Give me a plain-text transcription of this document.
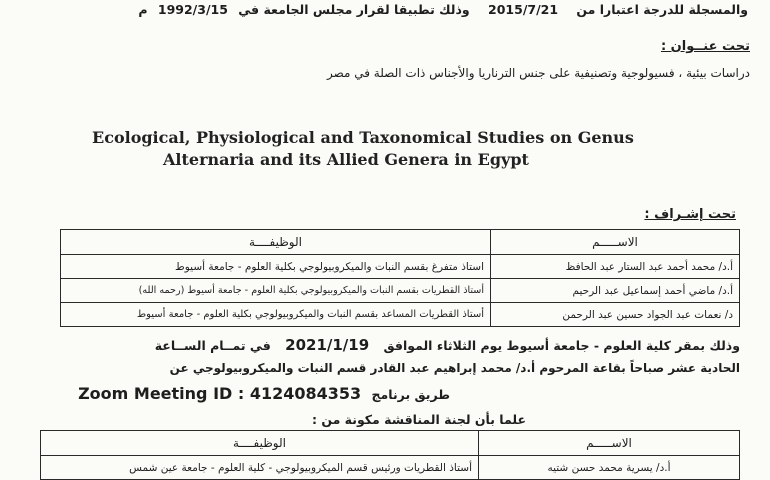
والمسجلة للدرجة اعتبارا من 2015/7/21 وذلك تطبيقا لقرار مجلس الجامعة في 1992/3/15 م
تحت عنــوان :
دراسات بيئية ، فسيولوجية وتصنيفية على جنس الترناريا والأجناس ذات الصلة في مصر
Ecological, Physiological and Taxonomical Studies on Genus
Alternaria and its Allied Genera in Egypt
تحت إشـراف :
الاســـــم	الوظيفــــة
أ.د/ محمد أحمد عبد الستار عبد الحافظ	استاذ متفرغ بقسم النبات والميكروبيولوجي بكلية العلوم - جامعة أسيوط
أ.د/ ماضي أحمد إسماعيل عبد الرحيم	أستاذ القطريات بقسم النبات والميكروبيولوجي بكلية العلوم - جامعة أسيوط (رحمه الله)
د/ نعمات عبد الجواد حسين عبد الرحمن	أستاذ القطريات المساعد بقسم النبات والميكروبيولوجي بكلية العلوم - جامعة أسيوط
وذلك بمقر كلية العلوم - جامعة أسيوط يوم الثلاثاء الموافق 2021/1/19 في تمــام الســاعة
الحادية عشر صباحاً بقاعة المرحوم أ.د/ محمد إبراهيم عبد القادر قسم النبات والميكروبيولوجي عن
طريق برنامج Zoom Meeting ID : 4124084353
علما بأن لجنة المناقشة مكونة من :
الاســـــم	الوظيفــــة
أ.د/ يسرية محمد حسن شتيه	أستاذ القطريات ورئيس قسم الميكروبيولوجي - كلية العلوم - جامعة عين شمس
